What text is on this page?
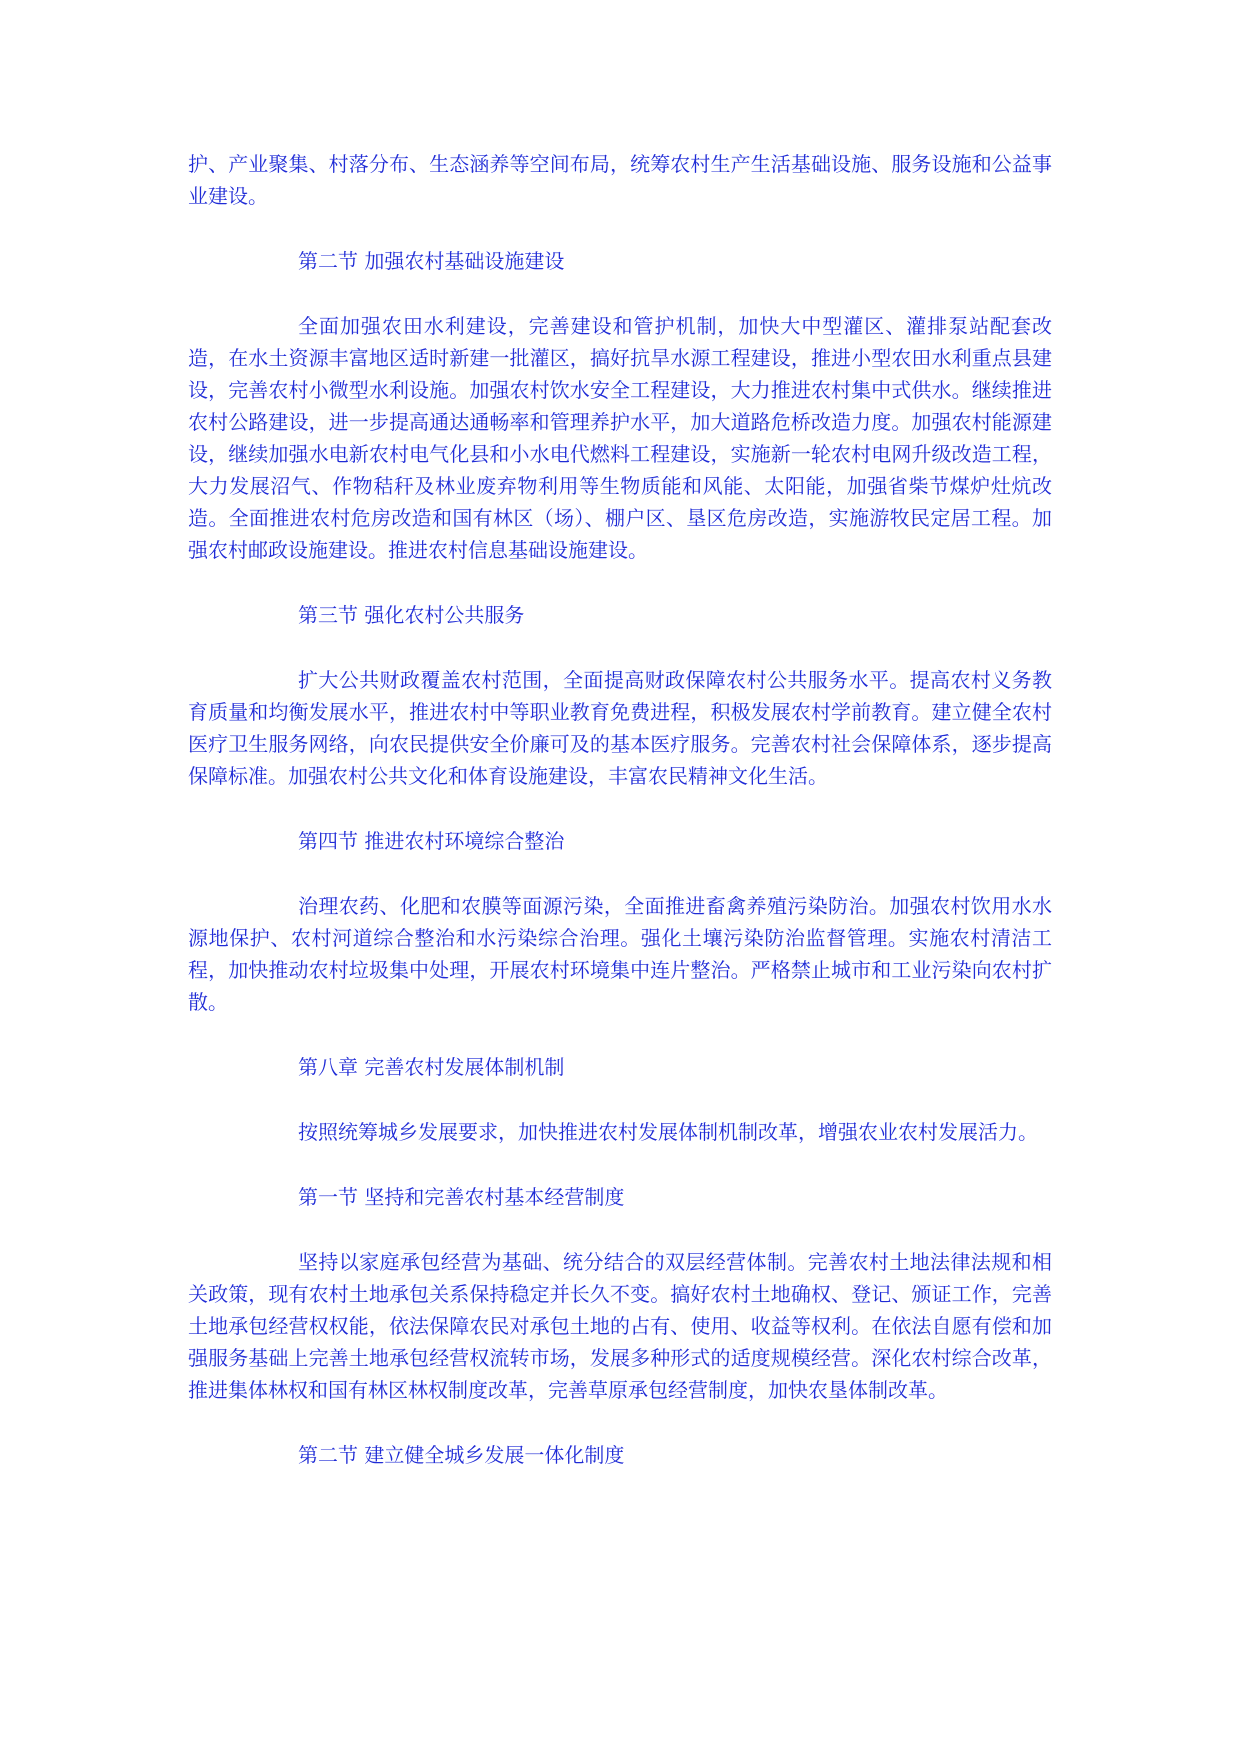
护、产业聚集、村落分布、生态涵养等空间布局，统筹农村生产生活基础设施、服务设施和公益事业建设。

第二节 加强农村基础设施建设

全面加强农田水利建设，完善建设和管护机制，加快大中型灌区、灌排泵站配套改造，在水土资源丰富地区适时新建一批灌区，搞好抗旱水源工程建设，推进小型农田水利重点县建设，完善农村小微型水利设施。加强农村饮水安全工程建设，大力推进农村集中式供水。继续推进农村公路建设，进一步提高通达通畅率和管理养护水平，加大道路危桥改造力度。加强农村能源建设，继续加强水电新农村电气化县和小水电代燃料工程建设，实施新一轮农村电网升级改造工程，大力发展沼气、作物秸秆及林业废弃物利用等生物质能和风能、太阳能，加强省柴节煤炉灶炕改造。全面推进农村危房改造和国有林区（场）、棚户区、垦区危房改造，实施游牧民定居工程。加强农村邮政设施建设。推进农村信息基础设施建设。

第三节 强化农村公共服务

扩大公共财政覆盖农村范围，全面提高财政保障农村公共服务水平。提高农村义务教育质量和均衡发展水平，推进农村中等职业教育免费进程，积极发展农村学前教育。建立健全农村医疗卫生服务网络，向农民提供安全价廉可及的基本医疗服务。完善农村社会保障体系，逐步提高保障标准。加强农村公共文化和体育设施建设，丰富农民精神文化生活。

第四节 推进农村环境综合整治

治理农药、化肥和农膜等面源污染，全面推进畜禽养殖污染防治。加强农村饮用水水源地保护、农村河道综合整治和水污染综合治理。强化土壤污染防治监督管理。实施农村清洁工程，加快推动农村垃圾集中处理，开展农村环境集中连片整治。严格禁止城市和工业污染向农村扩散。

第八章 完善农村发展体制机制

按照统筹城乡发展要求，加快推进农村发展体制机制改革，增强农业农村发展活力。

第一节 坚持和完善农村基本经营制度

坚持以家庭承包经营为基础、统分结合的双层经营体制。完善农村土地法律法规和相关政策，现有农村土地承包关系保持稳定并长久不变。搞好农村土地确权、登记、颁证工作，完善土地承包经营权权能，依法保障农民对承包土地的占有、使用、收益等权利。在依法自愿有偿和加强服务基础上完善土地承包经营权流转市场，发展多种形式的适度规模经营。深化农村综合改革，推进集体林权和国有林区林权制度改革，完善草原承包经营制度，加快农垦体制改革。

第二节 建立健全城乡发展一体化制度
